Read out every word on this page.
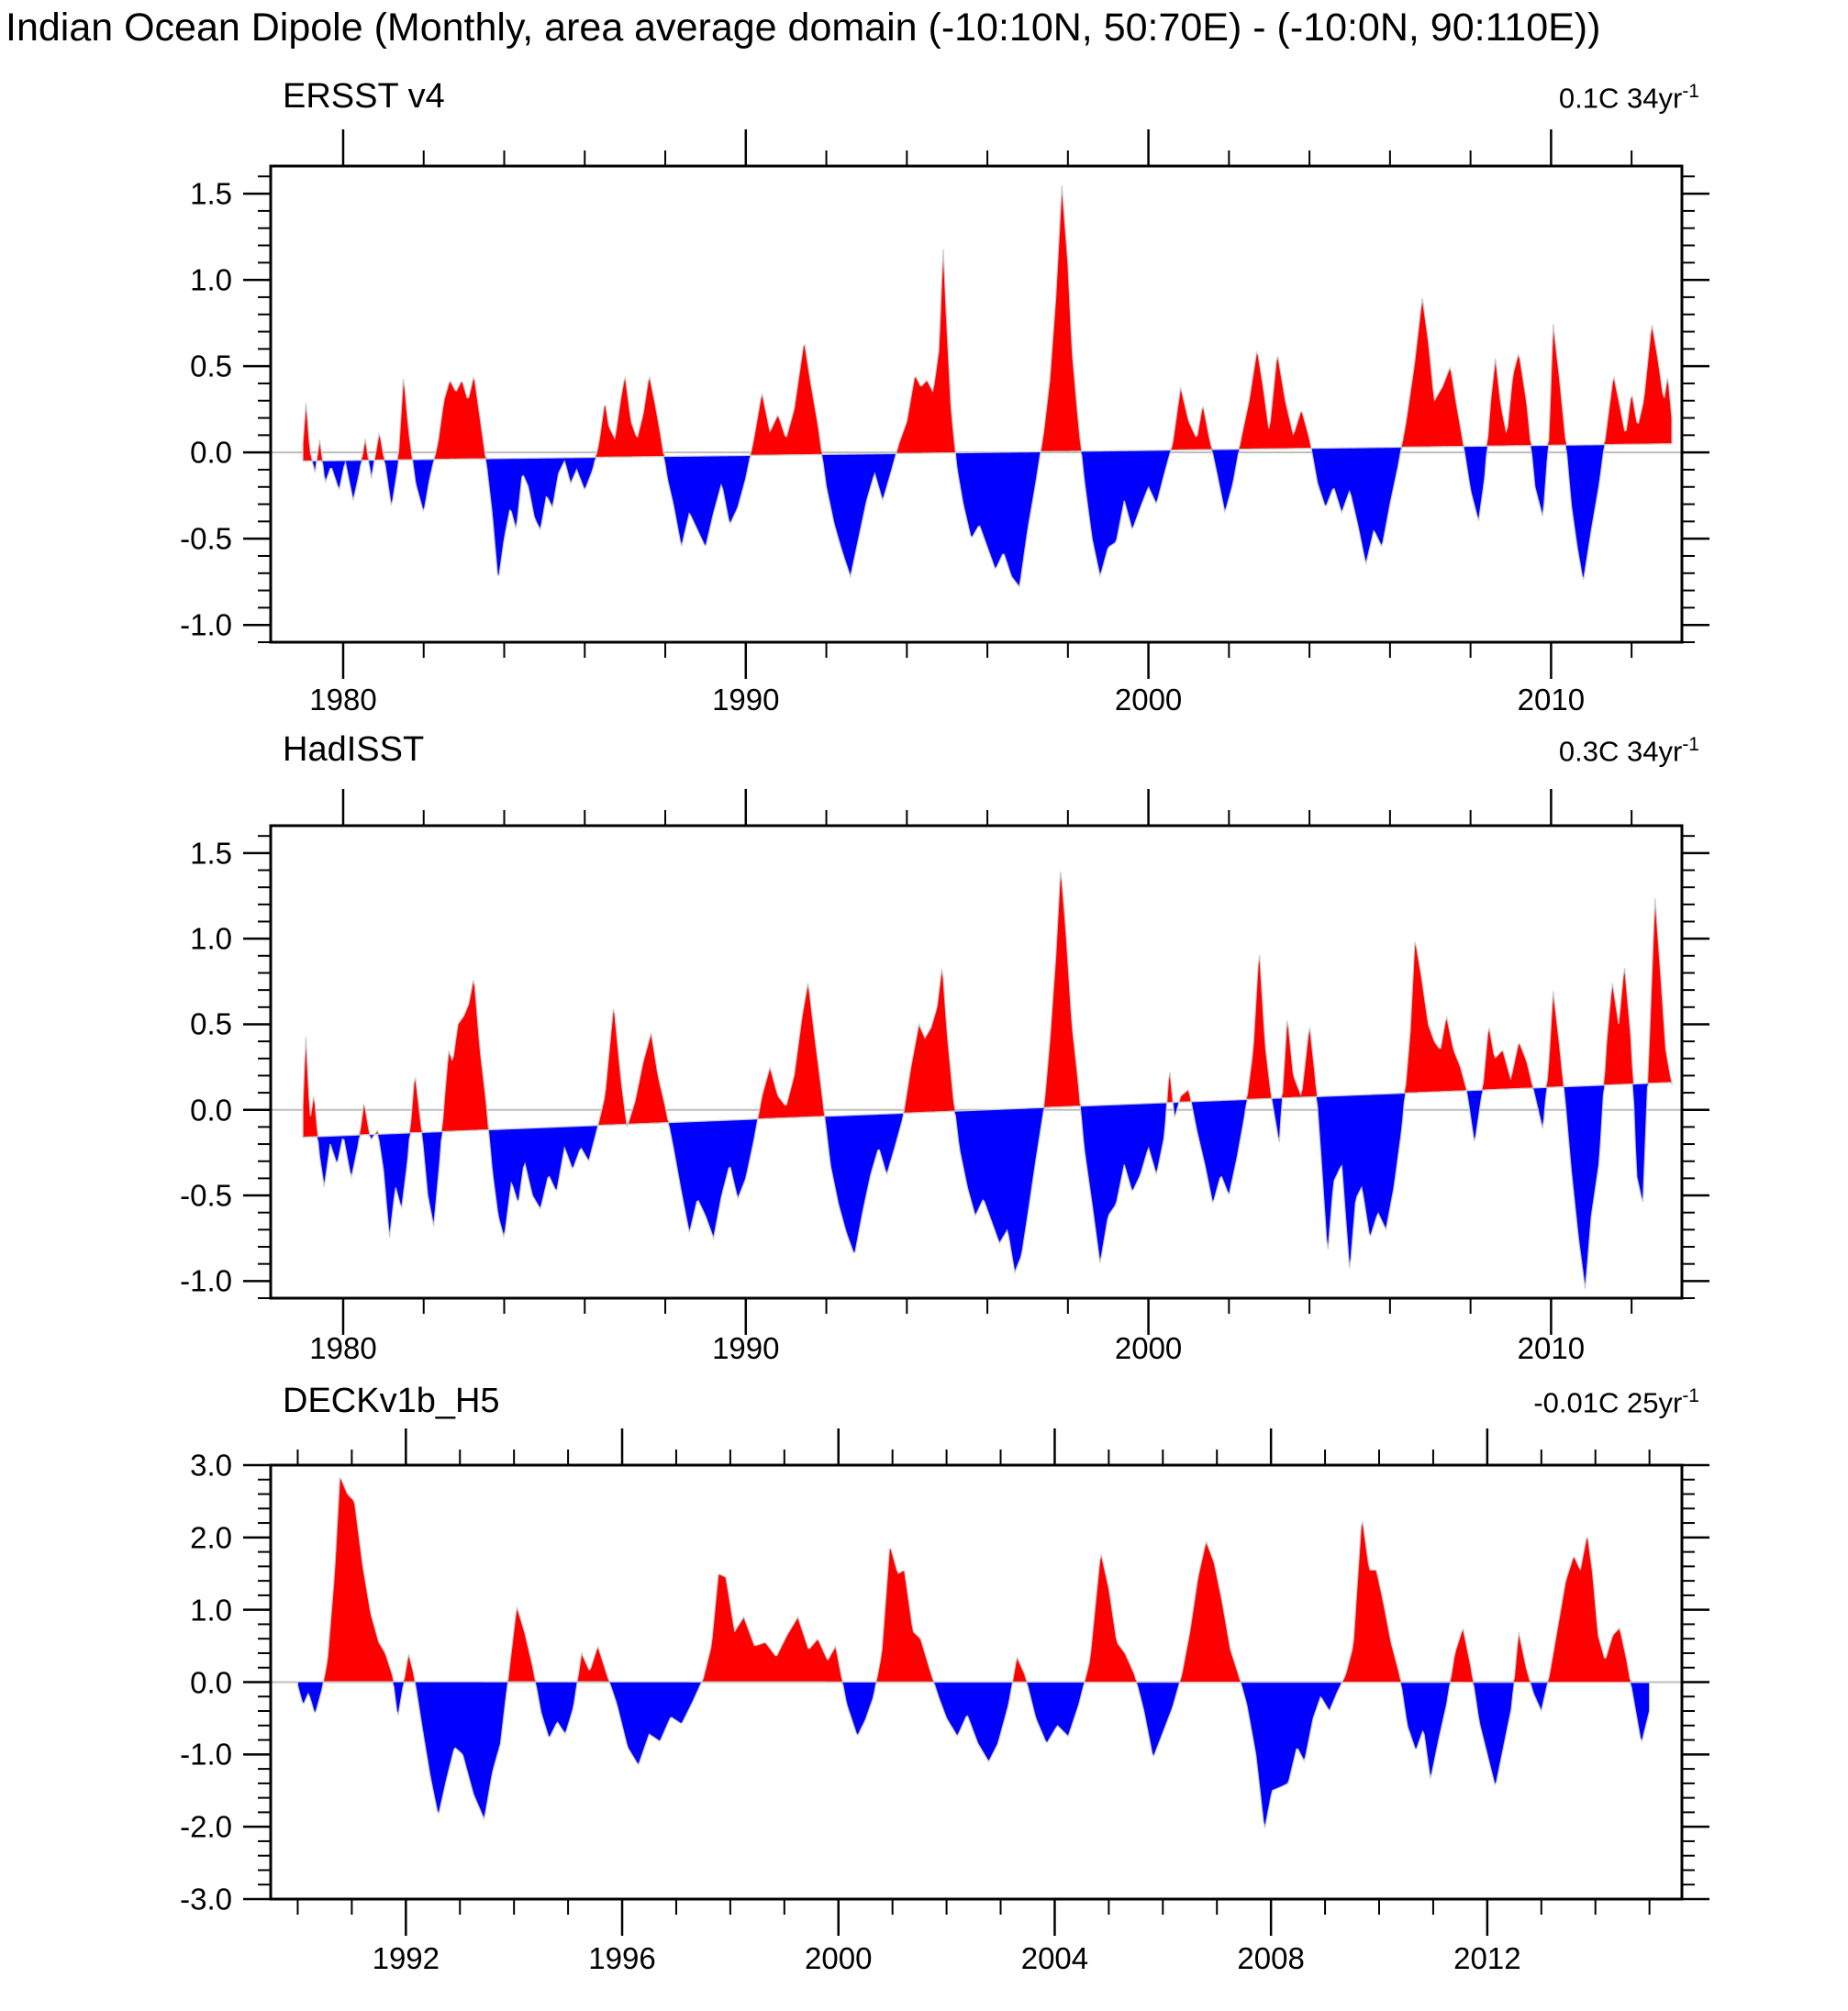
Indian Ocean Dipole (Monthly, area average domain (-10:10N, 50:70E) - (-10:0N, 90:110E))
ERSST v4	0.1C $34yr^{-1}$
HadISST	0.3C $34yr^{-1}$
DECKv1b_H5	-0.01C $25yr^{-1}$
1980	1990	2000	2010
1.5
1.0
0.5
0.0
-0.5
-1.0
1980	1990	2000	2010
1.5
1.0
0.5
0.0
-0.5
-1.0
1992	1996	2000	2004	2008	2012
3.0
2.0
1.0
0.0
-1.0
-2.0
-3.0
